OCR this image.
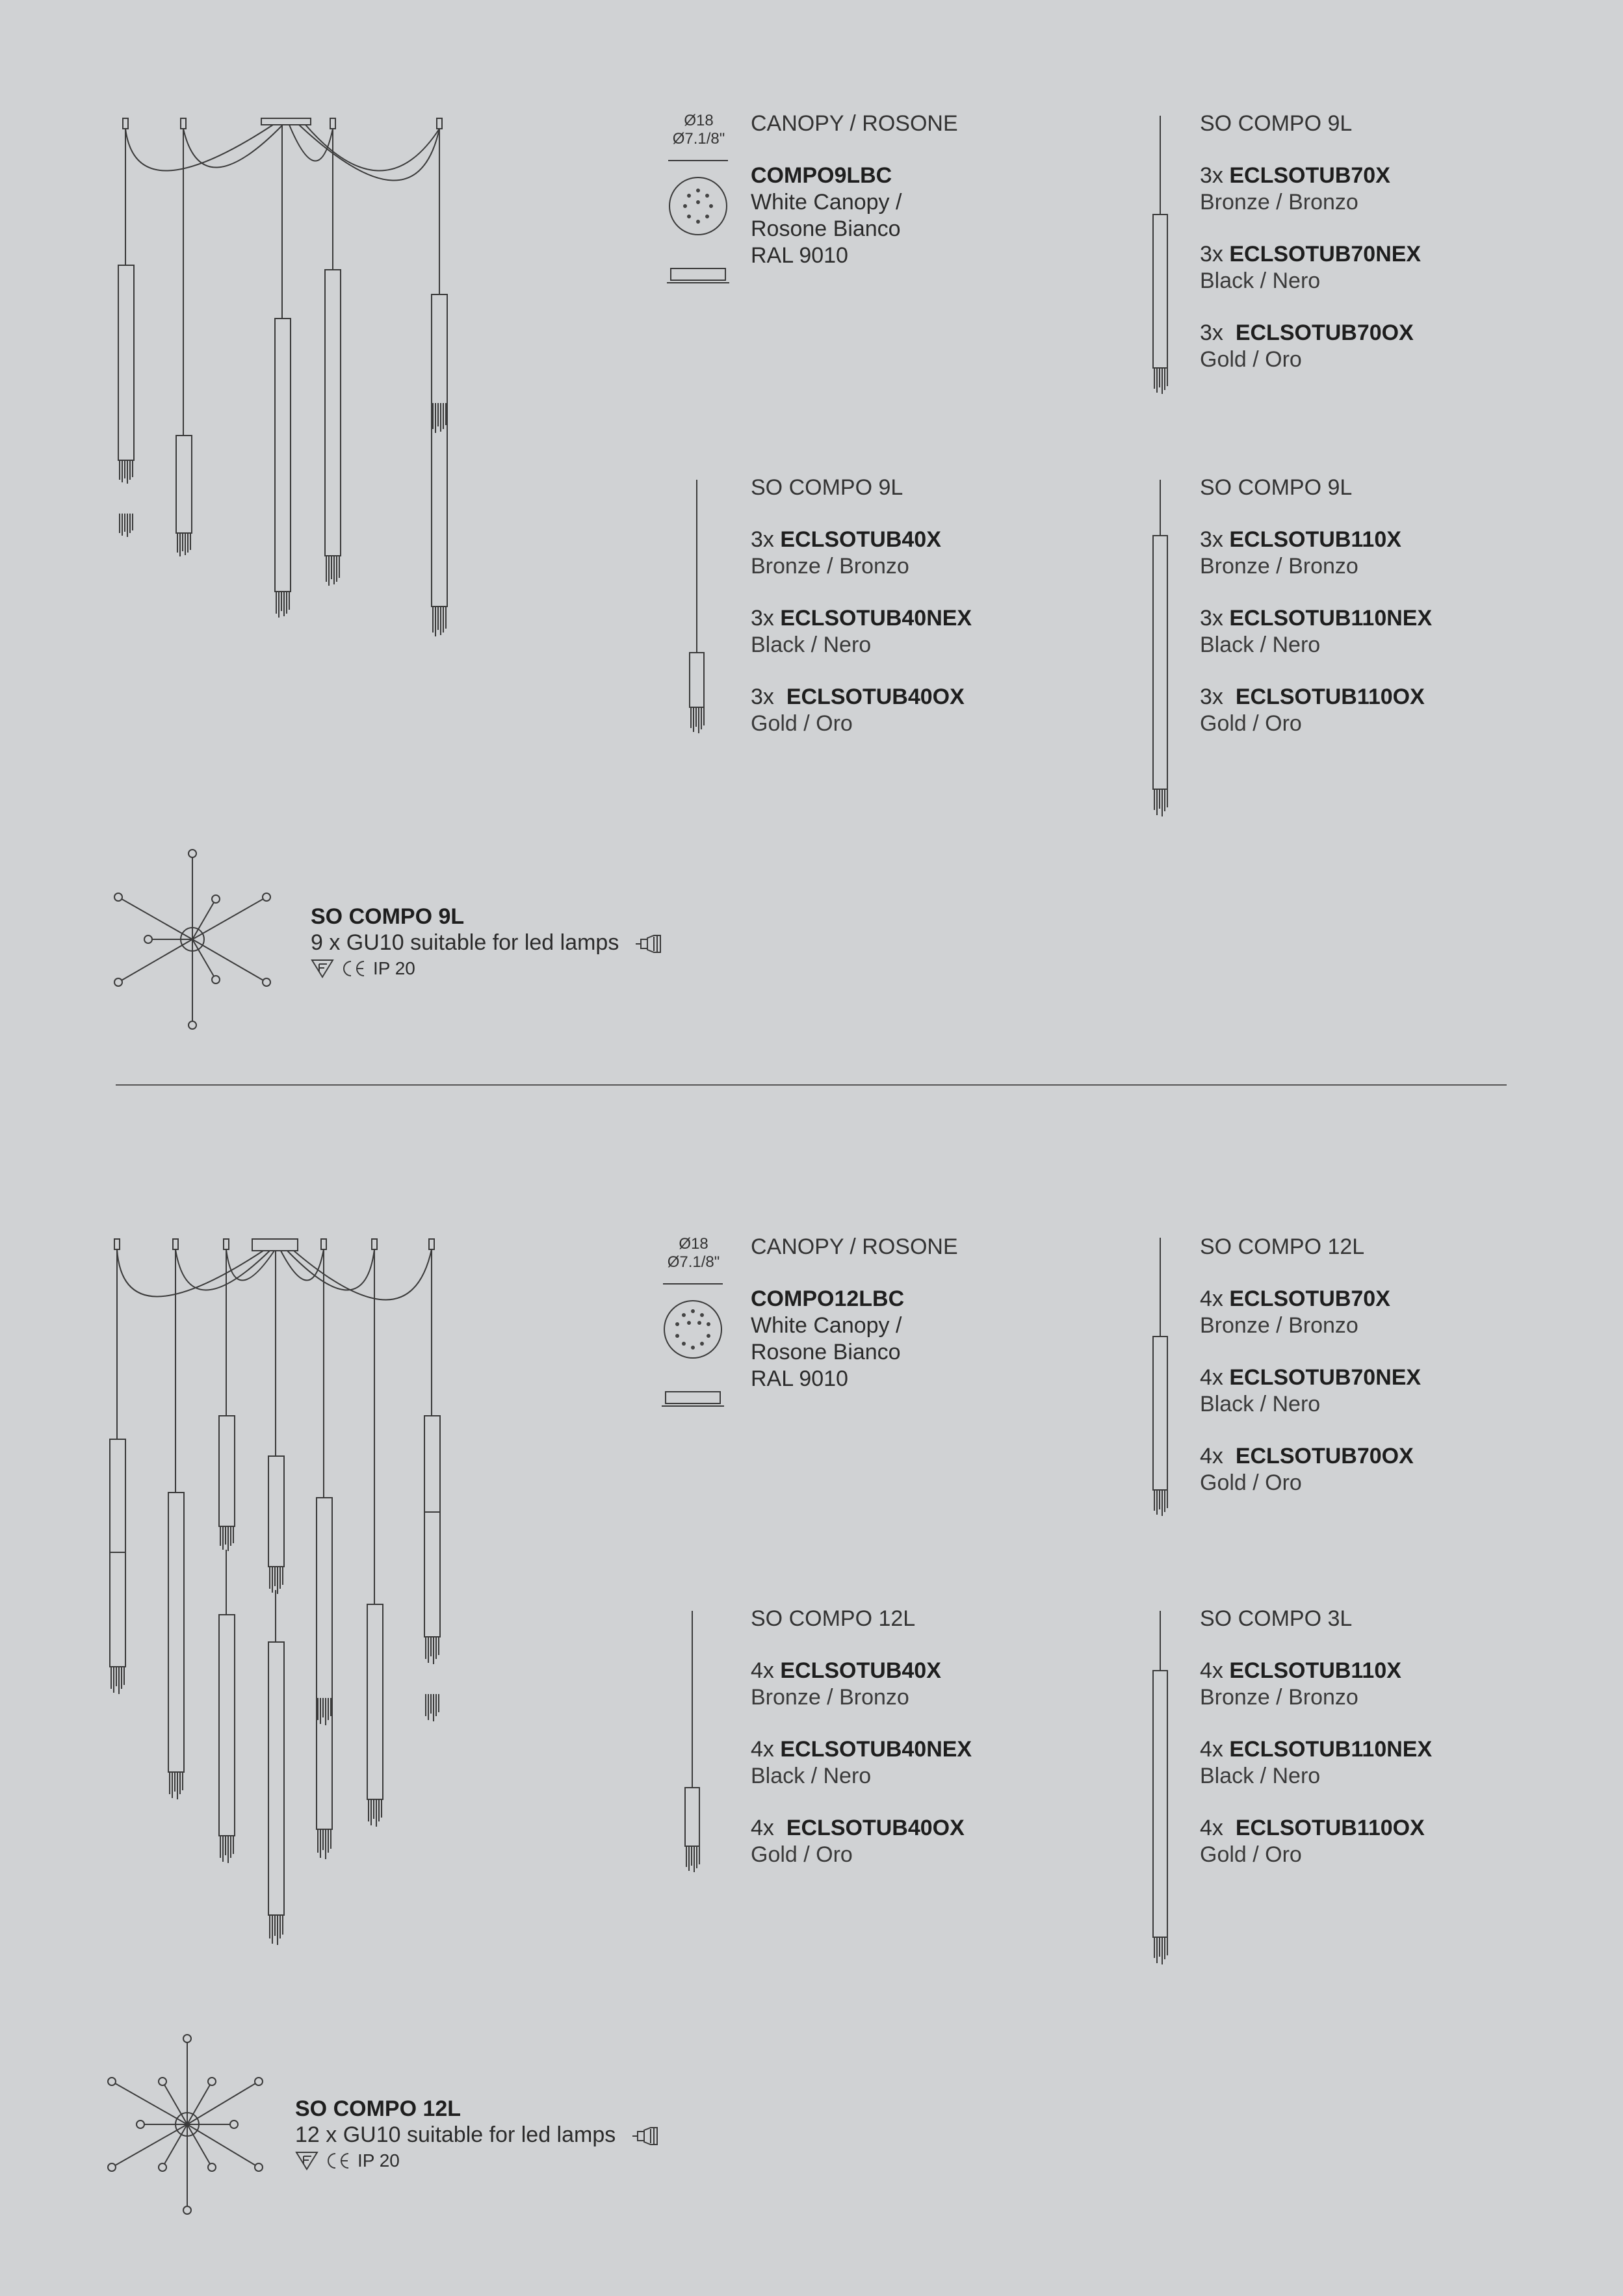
Ø18
Ø7.1/8"
CANOPY / ROSONE
COMPO9LBC
White Canopy /
Rosone Bianco
RAL 9010
SO COMPO 9L
3x ECLSOTUB70X
Bronze / Bronzo
3x ECLSOTUB70NEX
Black / Nero
3x ECLSOTUB70OX
Gold / Oro
SO COMPO 9L
3x ECLSOTUB40X
Bronze / Bronzo
3x ECLSOTUB40NEX
Black / Nero
3x ECLSOTUB40OX
Gold / Oro
SO COMPO 9L
3x ECLSOTUB110X
Bronze / Bronzo
3x ECLSOTUB110NEX
Black / Nero
3x ECLSOTUB110OX
Gold / Oro
SO COMPO 9L
9 x GU10 suitable for led lamps
IP 20
Ø18
Ø7.1/8"
CANOPY / ROSONE
COMPO12LBC
White Canopy /
Rosone Bianco
RAL 9010
SO COMPO 12L
4x ECLSOTUB70X
Bronze / Bronzo
4x ECLSOTUB70NEX
Black / Nero
4x ECLSOTUB70OX
Gold / Oro
SO COMPO 12L
4x ECLSOTUB40X
Bronze / Bronzo
4x ECLSOTUB40NEX
Black / Nero
4x ECLSOTUB40OX
Gold / Oro
SO COMPO 3L
4x ECLSOTUB110X
Bronze / Bronzo
4x ECLSOTUB110NEX
Black / Nero
4x ECLSOTUB110OX
Gold / Oro
SO COMPO 12L
12 x GU10 suitable for led lamps
IP 20
